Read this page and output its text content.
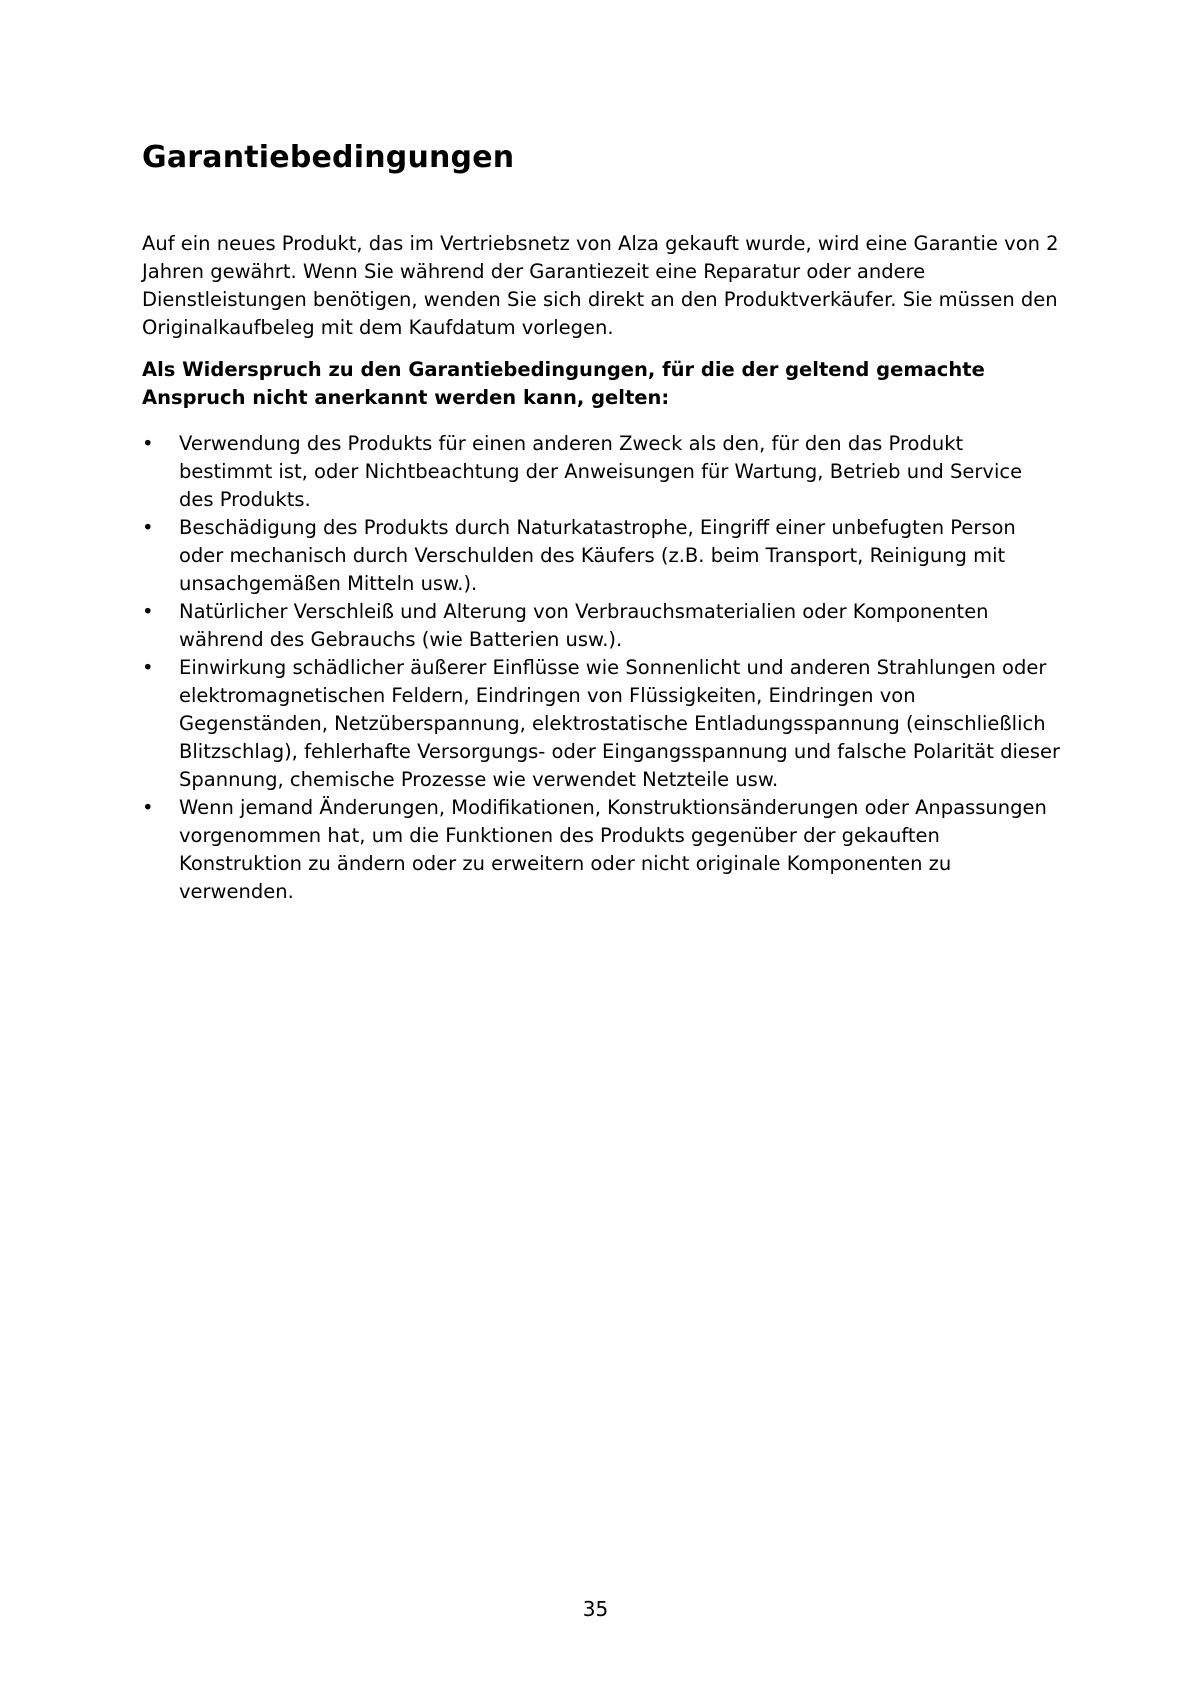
Garantiebedingungen

Auf ein neues Produkt, das im Vertriebsnetz von Alza gekauft wurde, wird eine Garantie von 2 Jahren gewährt. Wenn Sie während der Garantiezeit eine Reparatur oder andere Dienstleistungen benötigen, wenden Sie sich direkt an den Produktverkäufer. Sie müssen den Originalkaufbeleg mit dem Kaufdatum vorlegen.

Als Widerspruch zu den Garantiebedingungen, für die der geltend gemachte Anspruch nicht anerkannt werden kann, gelten:

•	Verwendung des Produkts für einen anderen Zweck als den, für den das Produkt bestimmt ist, oder Nichtbeachtung der Anweisungen für Wartung, Betrieb und Service des Produkts.
•	Beschädigung des Produkts durch Naturkatastrophe, Eingriff einer unbefugten Person oder mechanisch durch Verschulden des Käufers (z.B. beim Transport, Reinigung mit unsachgemäßen Mitteln usw.).
•	Natürlicher Verschleiß und Alterung von Verbrauchsmaterialien oder Komponenten während des Gebrauchs (wie Batterien usw.).
•	Einwirkung schädlicher äußerer Einflüsse wie Sonnenlicht und anderen Strahlungen oder elektromagnetischen Feldern, Eindringen von Flüssigkeiten, Eindringen von Gegenständen, Netzüberspannung, elektrostatische Entladungsspannung (einschließlich Blitzschlag), fehlerhafte Versorgungs- oder Eingangsspannung und falsche Polarität dieser Spannung, chemische Prozesse wie verwendet Netzteile usw.
•	Wenn jemand Änderungen, Modifikationen, Konstruktionsänderungen oder Anpassungen vorgenommen hat, um die Funktionen des Produkts gegenüber der gekauften Konstruktion zu ändern oder zu erweitern oder nicht originale Komponenten zu verwenden.
35
